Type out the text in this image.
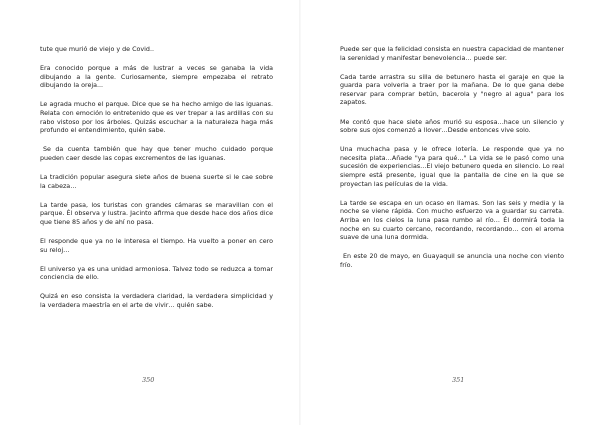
tute que murió de viejo y de Covid..

Era conocido porque a más de lustrar a veces se ganaba la vida dibujando a la gente. Curiosamente, siempre empezaba el retrato dibujando la oreja...

Le agrada mucho el parque. Dice que se ha hecho amigo de las iguanas. Relata con emoción lo entretenido que es ver trepar a las ardillas con su rabo vistoso por los árboles. Quizás escuchar a la naturaleza haga más profundo el entendimiento, quién sabe.

Se da cuenta también que hay que tener mucho cuidado porque pueden caer desde las copas excrementos de las iguanas.

La tradición popular asegura siete años de buena suerte si le cae sobre la cabeza…

La tarde pasa, los turistas con grandes cámaras se maravillan con el parque. Él observa y lustra. Jacinto afirma que desde hace dos años dice que tiene 85 años y de ahí no pasa.

El responde que ya no le interesa el tiempo. Ha vuelto a poner en cero su reloj…

El universo ya es una unidad armoniosa. Talvez todo se reduzca a tomar conciencia de ello.

Quizá en eso consista la verdadera claridad, la verdadera simplicidad y la verdadera maestría en el arte de vivir… quién sabe.

350

Puede ser que la felicidad consista en nuestra capacidad de mantener la serenidad y manifestar benevolencia… puede ser.

Cada tarde arrastra su silla de betunero hasta el garaje en que la guarda para volverla a traer por la mañana. De lo que gana debe reservar para comprar betún, bacerola y "negro al agua" para los zapatos.

Me contó que hace siete años murió su esposa…hace un silencio y sobre sus ojos comenzó a llover…Desde entonces vive solo.

Una muchacha pasa y le ofrece lotería. Le responde que ya no necesita plata…Añade "ya para qué…" La vida se le pasó como una sucesión de experiencias…El viejo betunero queda en silencio. Lo real siempre está presente, igual que la pantalla de cine en la que se proyectan las películas de la vida.

La tarde se escapa en un ocaso en llamas. Son las seis y media y la noche se viene rápida. Con mucho esfuerzo va a guardar su carreta. Arriba en los cielos la luna pasa rumbo al río… Él dormirá toda la noche en su cuarto cercano, recordando, recordando… con el aroma suave de una luna dormida.

En este 20 de mayo, en Guayaquil se anuncia una noche con viento frío.

351
